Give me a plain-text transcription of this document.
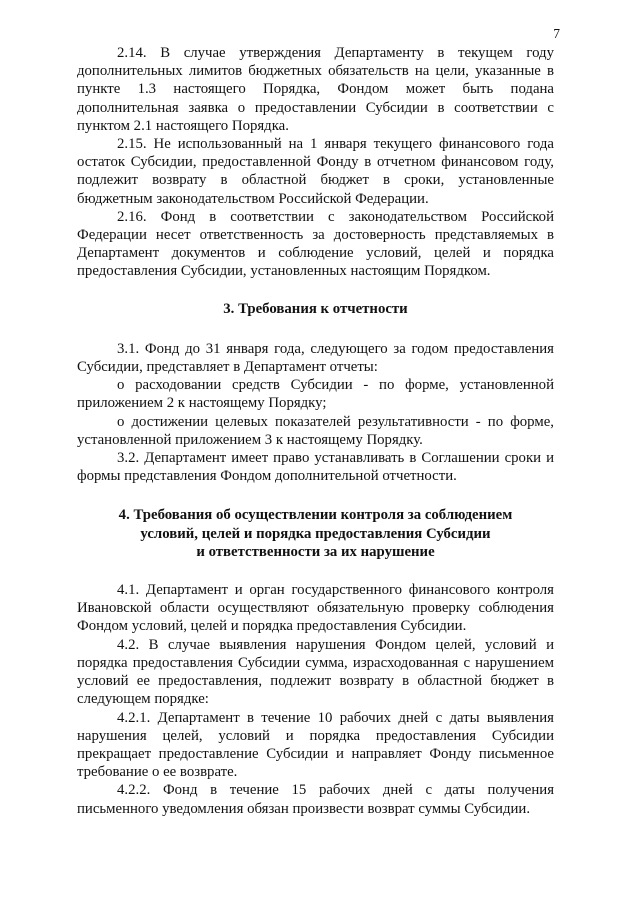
7

2.14. В случае утверждения Департаменту в текущем году дополнительных лимитов бюджетных обязательств на цели, указанные в пункте 1.3 настоящего Порядка, Фондом может быть подана дополнительная заявка о предоставлении Субсидии в соответствии с пунктом 2.1 настоящего Порядка.

2.15. Не использованный на 1 января текущего финансового года остаток Субсидии, предоставленной Фонду в отчетном финансовом году, подлежит возврату в областной бюджет в сроки, установленные бюджетным законодательством Российской Федерации.

2.16. Фонд в соответствии с законодательством Российской Федерации несет ответственность за достоверность представляемых в Департамент документов и соблюдение условий, целей и порядка предоставления Субсидии, установленных настоящим Порядком.

3. Требования к отчетности

3.1. Фонд до 31 января года, следующего за годом предоставления Субсидии, представляет в Департамент отчеты:

о расходовании средств Субсидии - по форме, установленной приложением 2 к настоящему Порядку;

о достижении целевых показателей результативности - по форме, установленной приложением 3 к настоящему Порядку.

3.2. Департамент имеет право устанавливать в Соглашении сроки и формы представления Фондом дополнительной отчетности.

4. Требования об осуществлении контроля за соблюдением
условий, целей и порядка предоставления Субсидии
и ответственности за их нарушение

4.1. Департамент и орган государственного финансового контроля Ивановской области осуществляют обязательную проверку соблюдения Фондом условий, целей и порядка предоставления Субсидии.

4.2. В случае выявления нарушения Фондом целей, условий и порядка предоставления Субсидии сумма, израсходованная с нарушением условий ее предоставления, подлежит возврату в областной бюджет в следующем порядке:

4.2.1. Департамент в течение 10 рабочих дней с даты выявления нарушения целей, условий и порядка предоставления Субсидии прекращает предоставление Субсидии и направляет Фонду письменное требование о ее возврате.

4.2.2. Фонд в течение 15 рабочих дней с даты получения письменного уведомления обязан произвести возврат суммы Субсидии.
